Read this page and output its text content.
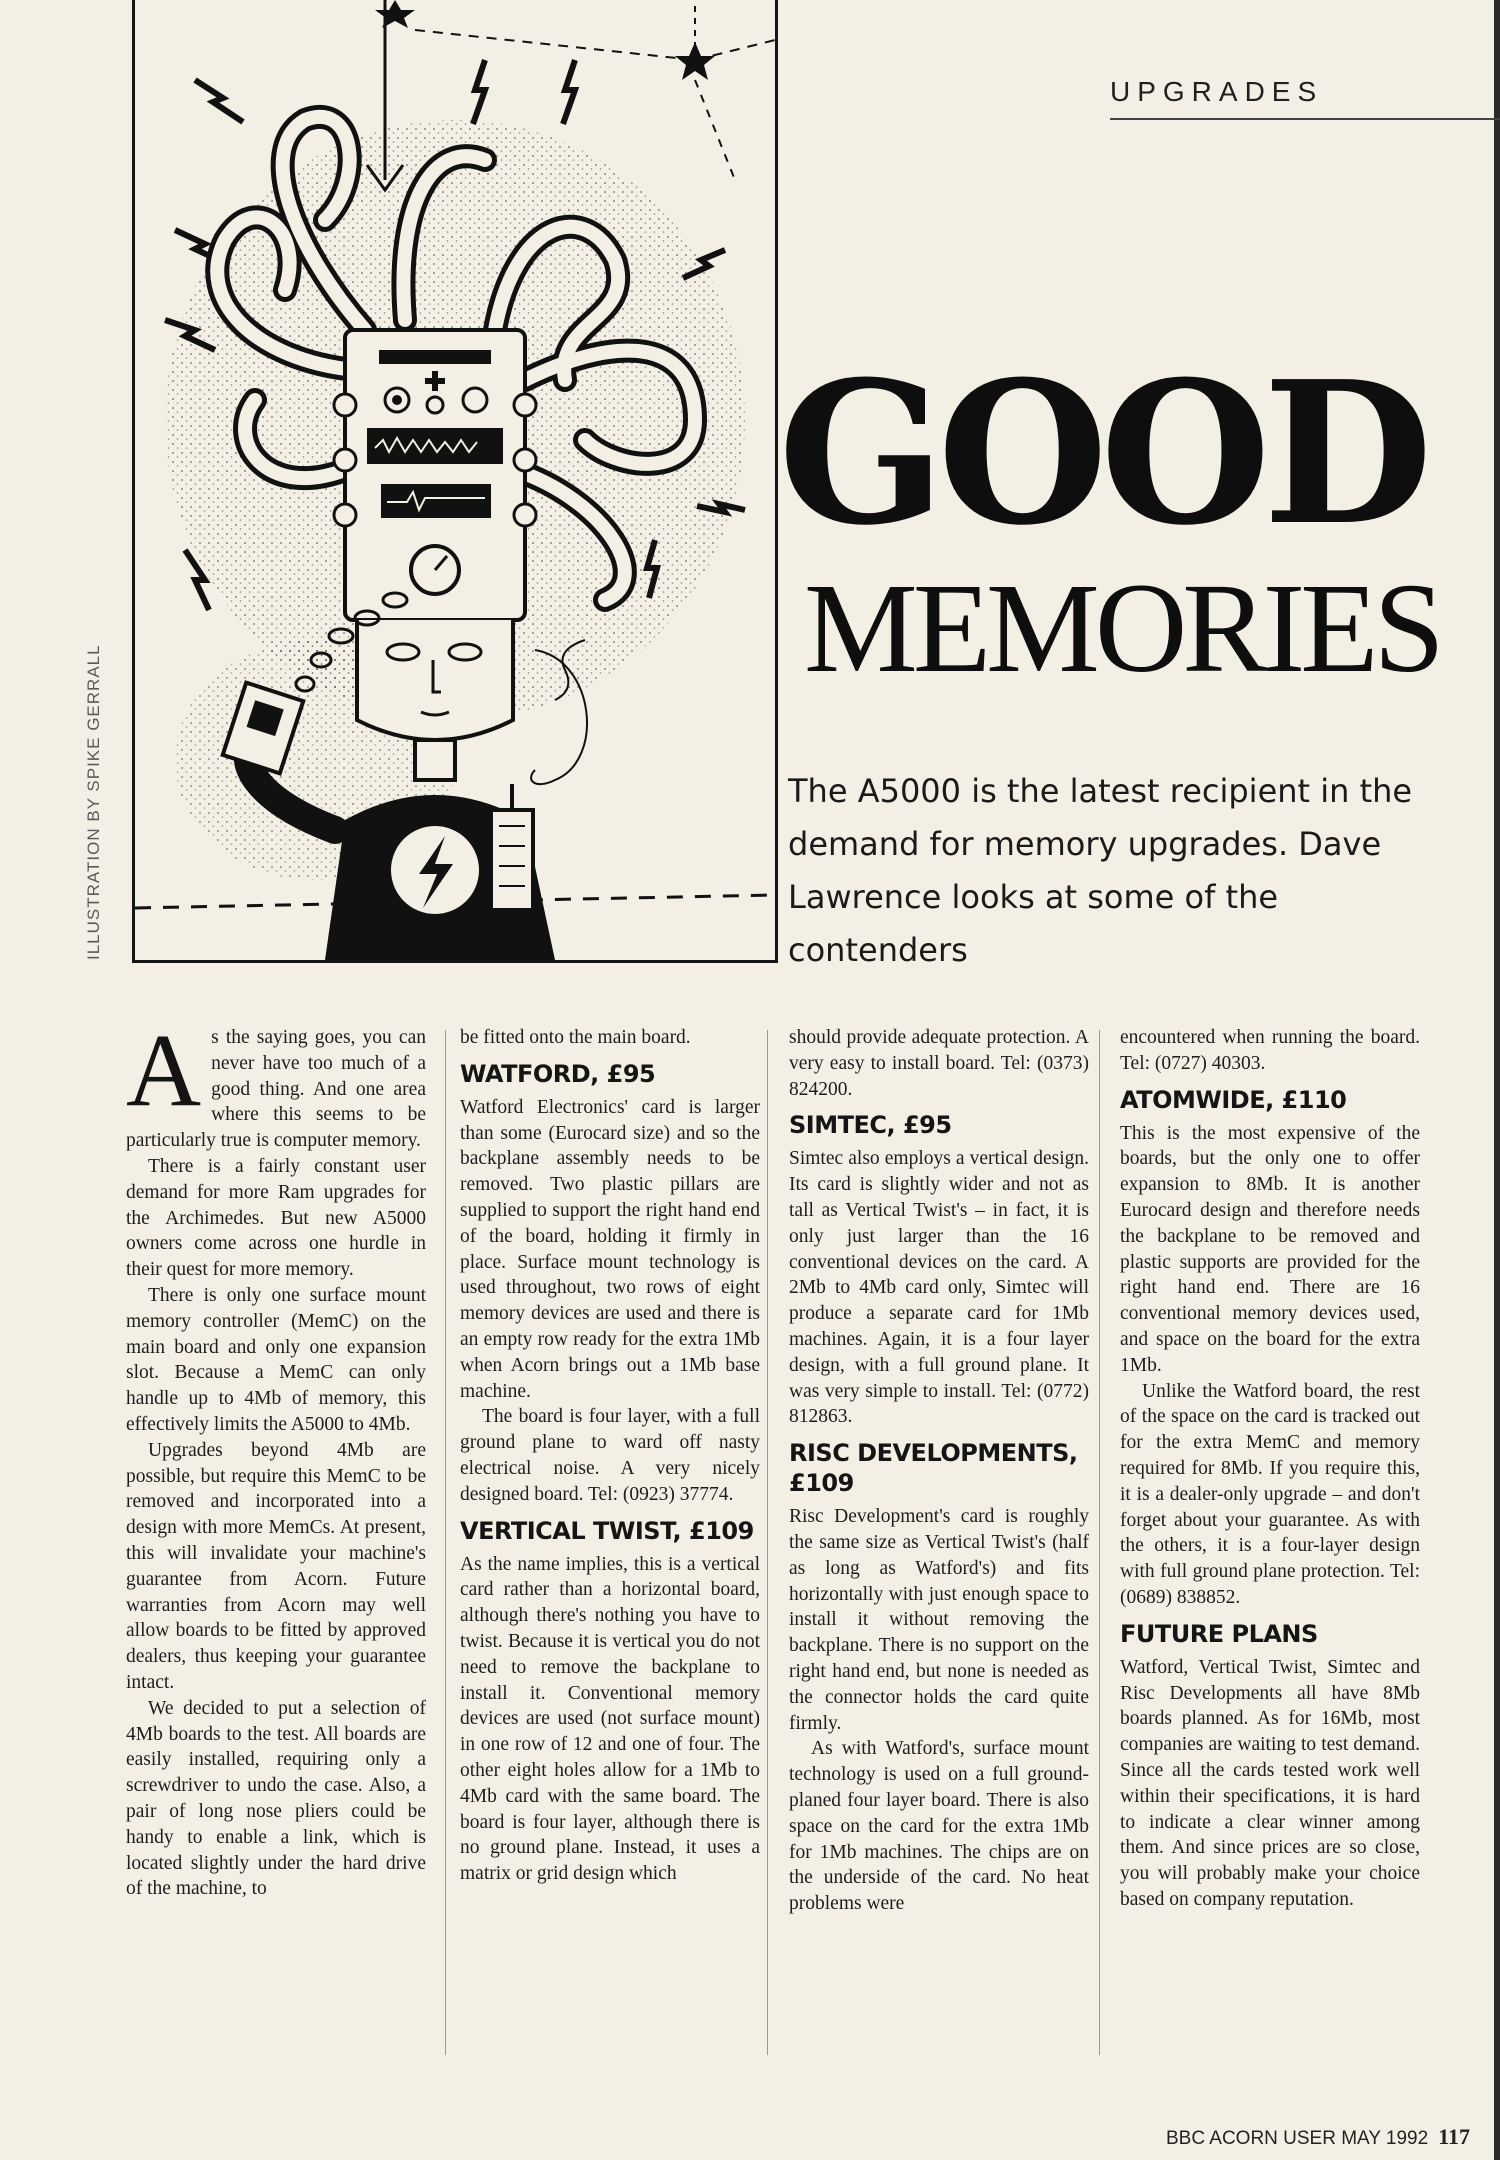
ILLUSTRATION BY SPIKE GERRALL
UPGRADES
GOOD
MEMORIES
The A5000 is the latest recipient in the demand for memory upgrades. Dave Lawrence looks at some of the contenders

As the saying goes, you can never have too much of a good thing. And one area where this seems to be particularly true is computer memory.

There is a fairly constant user demand for more Ram upgrades for the Archimedes. But new A5000 owners come across one hurdle in their quest for more memory.

There is only one surface mount memory controller (MemC) on the main board and only one expansion slot. Because a MemC can only handle up to 4Mb of memory, this effectively limits the A5000 to 4Mb.

Upgrades beyond 4Mb are possible, but require this MemC to be removed and incorporated into a design with more MemCs. At present, this will invalidate your machine's guarantee from Acorn. Future warranties from Acorn may well allow boards to be fitted by approved dealers, thus keeping your guarantee intact.

We decided to put a selection of 4Mb boards to the test. All boards are easily installed, requiring only a screwdriver to undo the case. Also, a pair of long nose pliers could be handy to enable a link, which is located slightly under the hard drive of the machine, to

be fitted onto the main board.

WATFORD, £95

Watford Electronics' card is larger than some (Eurocard size) and so the backplane assembly needs to be removed. Two plastic pillars are supplied to support the right hand end of the board, holding it firmly in place. Surface mount technology is used throughout, two rows of eight memory devices are used and there is an empty row ready for the extra 1Mb when Acorn brings out a 1Mb base machine.

The board is four layer, with a full ground plane to ward off nasty electrical noise. A very nicely designed board. Tel: (0923) 37774.

VERTICAL TWIST, £109

As the name implies, this is a vertical card rather than a horizontal board, although there's nothing you have to twist. Because it is vertical you do not need to remove the backplane to install it. Conventional memory devices are used (not surface mount) in one row of 12 and one of four. The other eight holes allow for a 1Mb to 4Mb card with the same board. The board is four layer, although there is no ground plane. Instead, it uses a matrix or grid design which

should provide adequate protection. A very easy to install board. Tel: (0373) 824200.

SIMTEC, £95

Simtec also employs a vertical design. Its card is slightly wider and not as tall as Vertical Twist's – in fact, it is only just larger than the 16 conventional devices on the card. A 2Mb to 4Mb card only, Simtec will produce a separate card for 1Mb machines. Again, it is a four layer design, with a full ground plane. It was very simple to install. Tel: (0772) 812863.

RISC DEVELOPMENTS, £109

Risc Development's card is roughly the same size as Vertical Twist's (half as long as Watford's) and fits horizontally with just enough space to install it without removing the backplane. There is no support on the right hand end, but none is needed as the connector holds the card quite firmly.

As with Watford's, surface mount technology is used on a full ground-planed four layer board. There is also space on the card for the extra 1Mb for 1Mb machines. The chips are on the underside of the card. No heat problems were

encountered when running the board. Tel: (0727) 40303.

ATOMWIDE, £110

This is the most expensive of the boards, but the only one to offer expansion to 8Mb. It is another Eurocard design and therefore needs the backplane to be removed and plastic supports are provided for the right hand end. There are 16 conventional memory devices used, and space on the board for the extra 1Mb.

Unlike the Watford board, the rest of the space on the card is tracked out for the extra MemC and memory required for 8Mb. If you require this, it is a dealer-only upgrade – and don't forget about your guarantee. As with the others, it is a four-layer design with full ground plane protection. Tel: (0689) 838852.

FUTURE PLANS

Watford, Vertical Twist, Simtec and Risc Developments all have 8Mb boards planned. As for 16Mb, most companies are waiting to test demand. Since all the cards tested work well within their specifications, it is hard to indicate a clear winner among them. And since prices are so close, you will probably make your choice based on company reputation.

BBC ACORN USER MAY 1992 117
